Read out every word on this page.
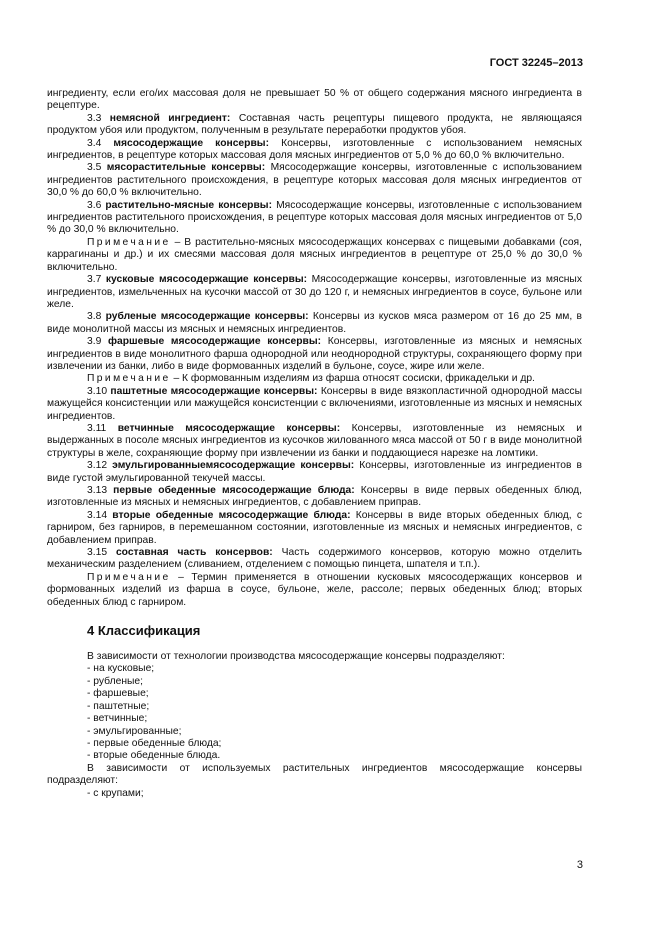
ГОСТ 32245–2013

ингредиенту, если его/их массовая доля не превышает 50 % от общего содержания мясного ингредиента в рецептуре.

3.3 немясной ингредиент: Составная часть рецептуры пищевого продукта, не являющаяся продуктом убоя или продуктом, полученным в результате переработки продуктов убоя.

3.4 мясосодержащие консервы: Консервы, изготовленные с использованием немясных ингредиентов, в рецептуре которых массовая доля мясных ингредиентов от 5,0 % до 60,0 % включительно.

3.5 мясорастительные консервы: Мясосодержащие консервы, изготовленные с использованием ингредиентов растительного происхождения, в рецептуре которых массовая доля мясных ингредиентов от 30,0 % до 60,0 % включительно.

3.6 растительно-мясные консервы: Мясосодержащие консервы, изготовленные с использованием ингредиентов растительного происхождения, в рецептуре которых массовая доля мясных ингредиентов от 5,0 % до 30,0 % включительно.

Примечание – В растительно-мясных мясосодержащих консервах с пищевыми добавками (соя, каррагинаны и др.) и их смесями массовая доля мясных ингредиентов в рецептуре от 25,0 % до 30,0 % включительно.

3.7 кусковые мясосодержащие консервы: Мясосодержащие консервы, изготовленные из мясных ингредиентов, измельченных на кусочки массой от 30 до 120 г, и немясных ингредиентов в соусе, бульоне или желе.

3.8 рубленые мясосодержащие консервы: Консервы из кусков мяса размером от 16 до 25 мм, в виде монолитной массы из мясных и немясных ингредиентов.

3.9 фаршевые мясосодержащие консервы: Консервы, изготовленные из мясных и немясных ингредиентов в виде монолитного фарша однородной или неоднородной структуры, сохраняющего форму при извлечении из банки, либо в виде формованных изделий в бульоне, соусе, жире или желе.

Примечание – К формованным изделиям из фарша относят сосиски, фрикадельки и др.

3.10 паштетные мясосодержащие консервы: Консервы в виде вязкопластичной однородной массы мажущейся консистенции или мажущейся консистенции с включениями, изготовленные из мясных и немясных ингредиентов.

3.11 ветчинные мясосодержащие консервы: Консервы, изготовленные из немясных и выдержанных в посоле мясных ингредиентов из кусочков жилованного мяса массой от 50 г в виде монолитной структуры в желе, сохраняющие форму при извлечении из банки и поддающиеся нарезке на ломтики.

3.12 эмульгированныемясосодержащие консервы: Консервы, изготовленные из ингредиентов в виде густой эмульгированной текучей массы.

3.13 первые обеденные мясосодержащие блюда: Консервы в виде первых обеденных блюд, изготовленные из мясных и немясных ингредиентов, с добавлением приправ.

3.14 вторые обеденные мясосодержащие блюда: Консервы в виде вторых обеденных блюд, с гарниром, без гарниров, в перемешанном состоянии, изготовленные из мясных и немясных ингредиентов, с добавлением приправ.

3.15 составная часть консервов: Часть содержимого консервов, которую можно отделить механическим разделением (сливанием, отделением с помощью пинцета, шпателя и т.п.).

Примечание – Термин применяется в отношении кусковых мясосодержащих консервов и формованных изделий из фарша в соусе, бульоне, желе, рассоле; первых обеденных блюд; вторых обеденных блюд с гарниром.

4 Классификация

В зависимости от технологии производства мясосодержащие консервы подразделяют:

- на кусковые;
- рубленые;
- фаршевые;
- паштетные;
- ветчинные;
- эмульгированные;
- первые обеденные блюда;
- вторые обеденные блюда.

В зависимости от используемых растительных ингредиентов мясосодержащие консервы подразделяют:

- с крупами;
3
